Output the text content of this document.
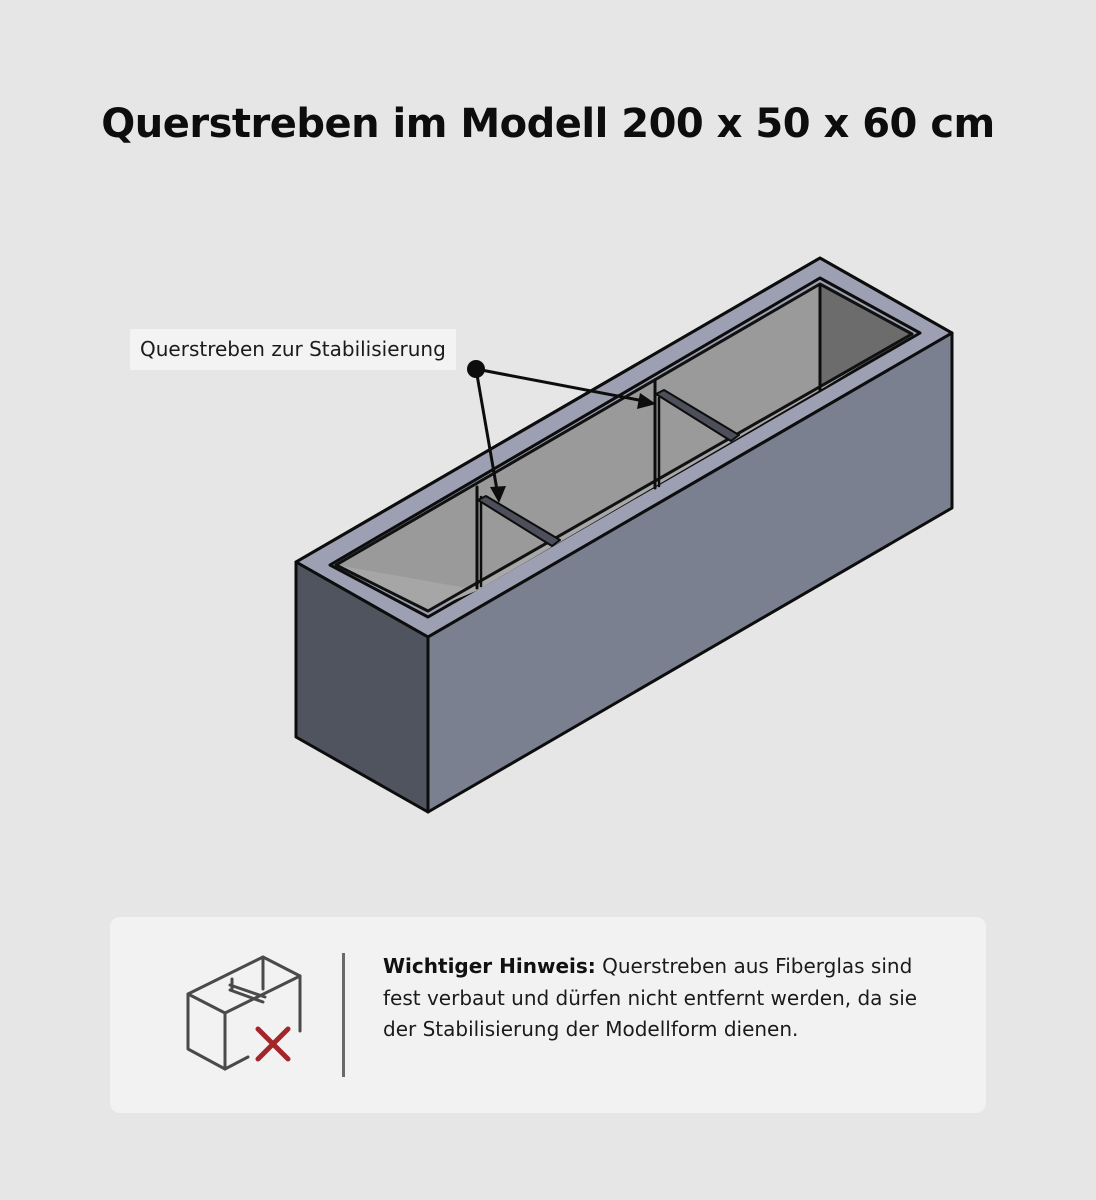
Querstreben im Modell 200 x 50 x 60 cm
Querstreben zur Stabilisierung

Wichtiger Hinweis: Querstreben aus Fiberglas sind fest verbaut und dürfen nicht entfernt werden, da sie der Stabilisierung der Modellform dienen.
